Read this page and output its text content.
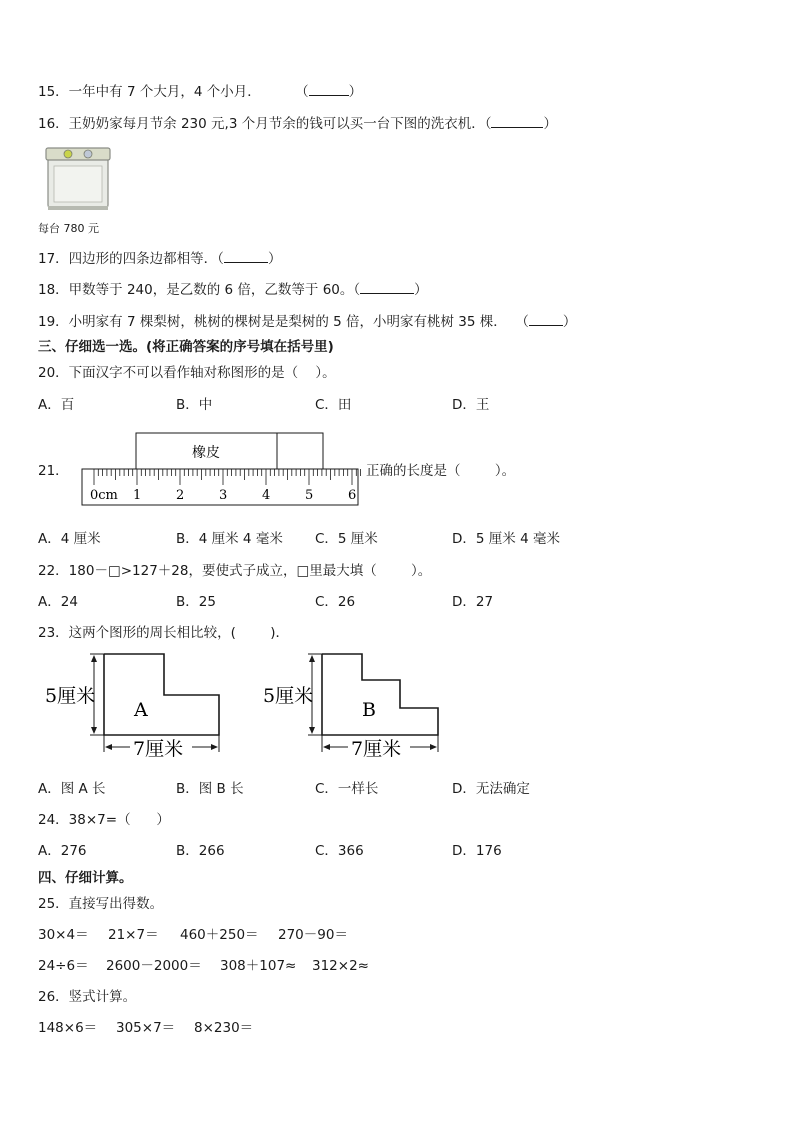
15．一年中有 7 个大月，4 个小月．	（	）
16．王奶奶家每月节余 230 元,3 个月节余的钱可以买一台下图的洗衣机．（	）
每台 780 元
17．四边形的四条边都相等．（	）
18．甲数等于 240，是乙数的 6 倍，乙数等于 60。（	）
19．小明家有 7 棵梨树，桃树的棵树是是梨树的 5 倍，小明家有桃树 35 棵．  （	）
三、仔细选一选。(将正确答案的序号填在括号里)
20．下面汉字不可以看作轴对称图形的是（    ）。
A．百	B．中	C．田	D．王
21．
橡皮
0cm 1	2	3	4	5	6
正确的长度是（        ）。
A．4 厘米	B．4 厘米 4 毫米 C．5 厘米	D．5 厘米 4 毫米
22．180－□>127＋28，要使式子成立，□里最大填（        ）。
A．24	B．25	C．26	D．27
23．这两个图形的周长相比较，(        )．
5厘米
7厘米
A
5厘米
7厘米
B
A．图 A 长	B．图 B 长	C．一样长	D．无法确定
24．38×7=（      ）
A．276	B．266	C．366	D．176
四、仔细计算。
25．直接写出得数。
30×4＝ 21×7＝ 460＋250＝ 270－90＝
24÷6＝ 2600－2000＝ 308＋107≈ 312×2≈
26．竖式计算。
148×6＝ 305×7＝ 8×230＝
